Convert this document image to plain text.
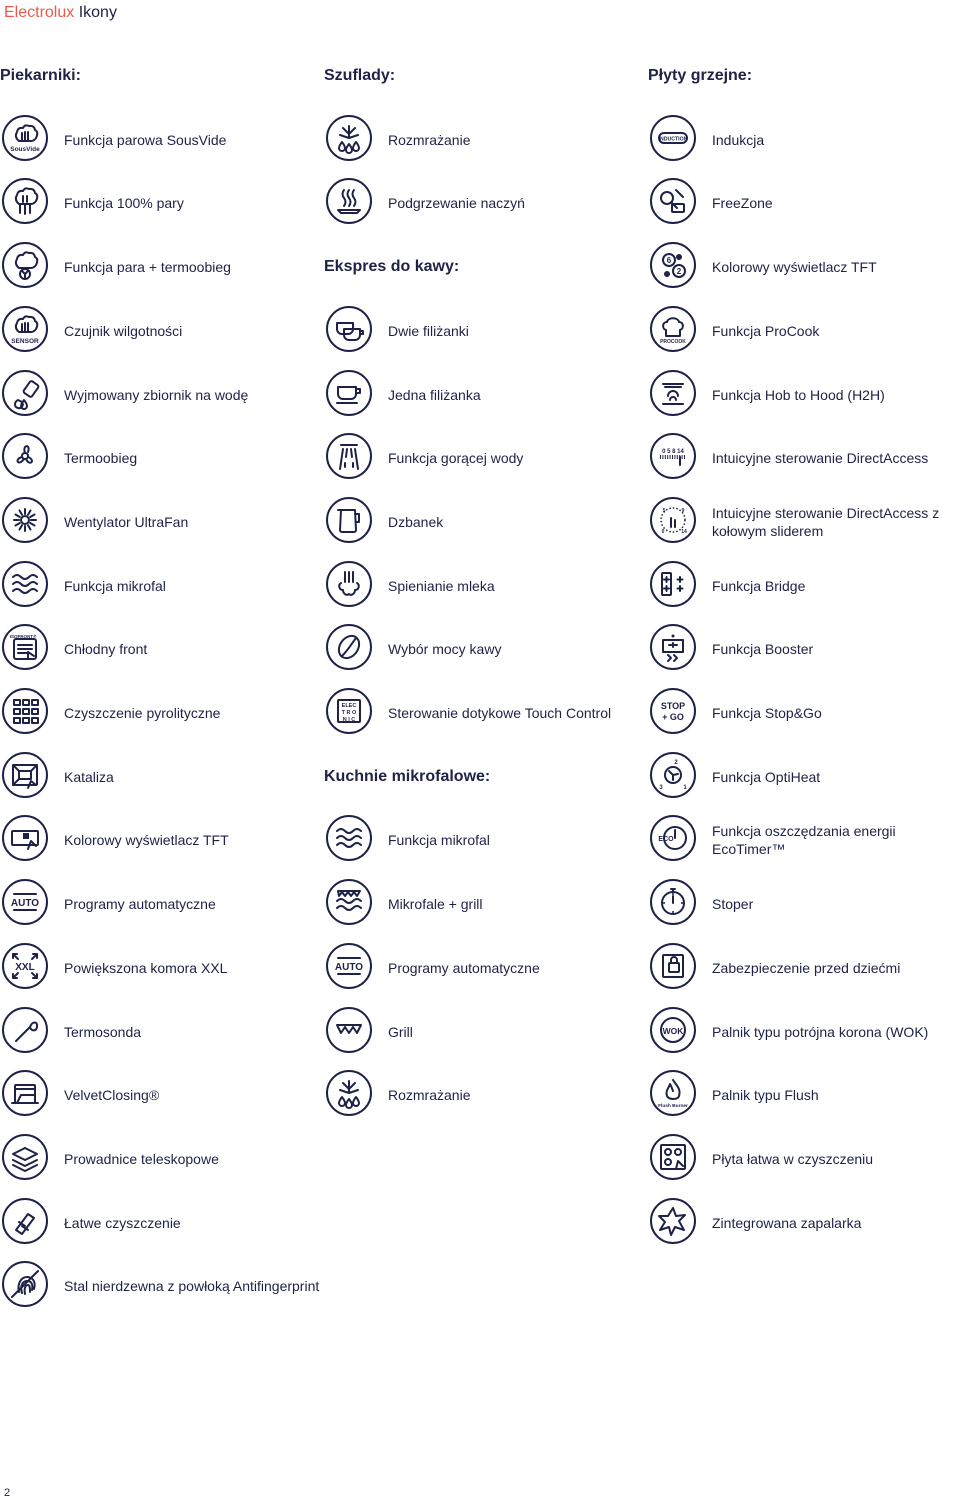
Electrolux Ikony
Piekarniki:
SousVide
Funkcja parowa SousVide
Funkcja 100% pary
Funkcja para + termoobieg
SENSOR
Czujnik wilgotności
Wyjmowany zbiornik na wodę
Termoobieg
Wentylator UltraFan
Funkcja mikrofal
ISOFRONT®
Chłodny front
Czyszczenie pyrolityczne
Kataliza
Kolorowy wyświetlacz TFT
AUTO Programy automatyczne
XXL Powiększona komora XXL
Termosonda
VelvetClosing®
Prowadnice teleskopowe
Łatwe czyszczenie
Stal nierdzewna z powłoką Antifingerprint
Szuflady:
Rozmrażanie
Podgrzewanie naczyń
Ekspres do kawy:
Dwie filiżanki
Jedna filiżanka
Funkcja gorącej wody
Dzbanek
Spienianie mleka
Wybór mocy kawy
ELEC
T R O
N I C Sterowanie dotykowe Touch Control
Kuchnie mikrofalowe:
Funkcja mikrofal
Mikrofale + grill
AUTO Programy automatyczne
Grill
Rozmrażanie
Płyty grzejne:
INDUCTION Indukcja
FreeZone
6
2 Kolorowy wyświetlacz TFT
PROCOOK
Funkcja ProCook
Funkcja Hob to Hood (H2H)
0 5 8 14 Intuicyjne sterowanie DirectAccess
5	9
0	14
Intuicyjne sterowanie DirectAccess z kołowym sliderem
Funkcja Bridge
Funkcja Booster
STOP
+ GO Funkcja Stop&Go
2
3	1
Funkcja OptiHeat
ECO
Funkcja oszczędzania energii EcoTimer™
Stoper
Zabezpieczenie przed dziećmi
WOK Palnik typu potrójna korona (WOK)
Flush Burner
Palnik typu Flush
Płyta łatwa w czyszczeniu
Zintegrowana zapalarka
2
